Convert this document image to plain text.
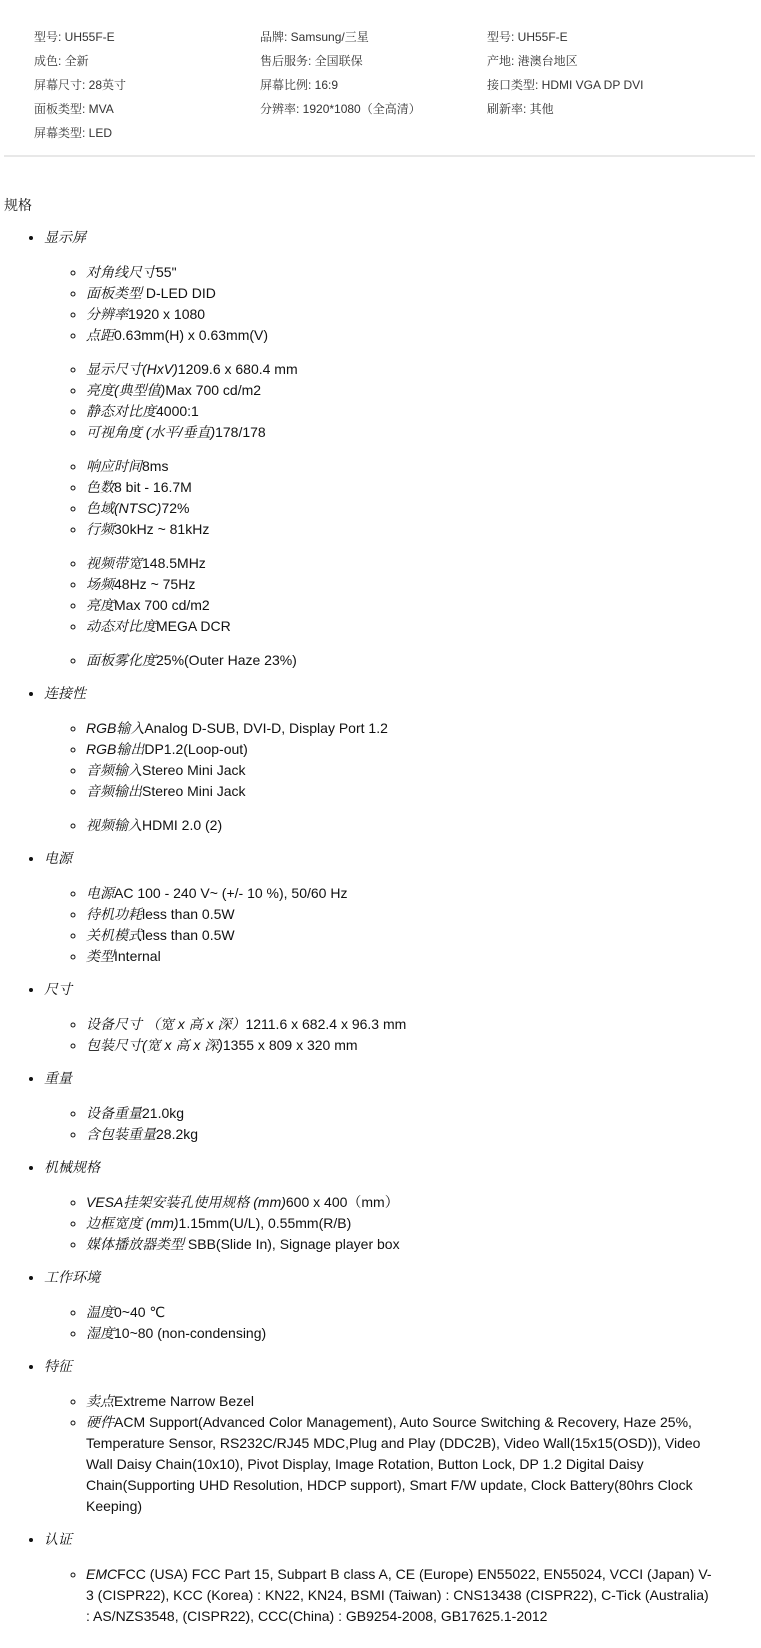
型号: UH55F-E	品牌: Samsung/三星	型号: UH55F-E
成色: 全新	售后服务: 全国联保	产地: 港澳台地区
屏幕尺寸: 28英寸	屏幕比例: 16:9	接口类型: HDMI VGA DP DVI
面板类型: MVA	分辨率: 1920*1080（全高清）	刷新率: 其他
屏幕类型: LED
规格
• 显示屏
◦ 对角线尺寸55"
◦ 面板类型 D-LED DID
◦ 分辨率1920 x 1080
◦ 点距0.63mm(H) x 0.63mm(V)
◦ 显示尺寸(HxV)1209.6 x 680.4 mm
◦ 亮度(典型值)Max 700 cd/m2
◦ 静态对比度4000:1
◦ 可视角度 (水平/垂直)178/178
◦ 响应时间8ms
◦ 色数8 bit - 16.7M
◦ 色域(NTSC)72%
◦ 行频30kHz ~ 81kHz
◦ 视频带宽148.5MHz
◦ 场频48Hz ~ 75Hz
◦ 亮度Max 700 cd/m2
◦ 动态对比度MEGA DCR
◦ 面板雾化度25%(Outer Haze 23%)
• 连接性
◦ RGB输入Analog D-SUB, DVI-D, Display Port 1.2
◦ RGB输出DP1.2(Loop-out)
◦ 音频输入Stereo Mini Jack
◦ 音频输出Stereo Mini Jack
◦ 视频输入HDMI 2.0 (2)
• 电源
◦ 电源AC 100 - 240 V~ (+/- 10 %), 50/60 Hz
◦ 待机功耗less than 0.5W
◦ 关机模式less than 0.5W
◦ 类型Internal
• 尺寸
◦ 设备尺寸 （宽 x 高 x 深）1211.6 x 682.4 x 96.3 mm
◦ 包装尺寸(宽 x 高 x 深)1355 x 809 x 320 mm
• 重量
◦ 设备重量21.0kg
◦ 含包装重量28.2kg
• 机械规格
◦ VESA挂架安装孔使用规格 (mm)600 x 400（mm）
◦ 边框宽度 (mm)1.15mm(U/L), 0.55mm(R/B)
◦ 媒体播放器类型 SBB(Slide In), Signage player box
• 工作环境
◦ 温度0~40 ℃
◦ 湿度10~80 (non-condensing)
• 特征
◦ 卖点Extreme Narrow Bezel
◦ 硬件ACM Support(Advanced Color Management), Auto Source Switching & Recovery, Haze 25%, Temperature Sensor, RS232C/RJ45 MDC,Plug and Play (DDC2B), Video Wall(15x15(OSD)), Video Wall Daisy Chain(10x10), Pivot Display, Image Rotation, Button Lock, DP 1.2 Digital Daisy Chain(Supporting UHD Resolution, HDCP support), Smart F/W update, Clock Battery(80hrs Clock Keeping)
• 认证
◦ EMCFCC (USA) FCC Part 15, Subpart B class A, CE (Europe) EN55022, EN55024, VCCI (Japan) V-3 (CISPR22), KCC (Korea) : KN22, KN24, BSMI (Taiwan) : CNS13438 (CISPR22), C-Tick (Australia) : AS/NZS3548, (CISPR22), CCC(China) : GB9254-2008, GB17625.1-2012
